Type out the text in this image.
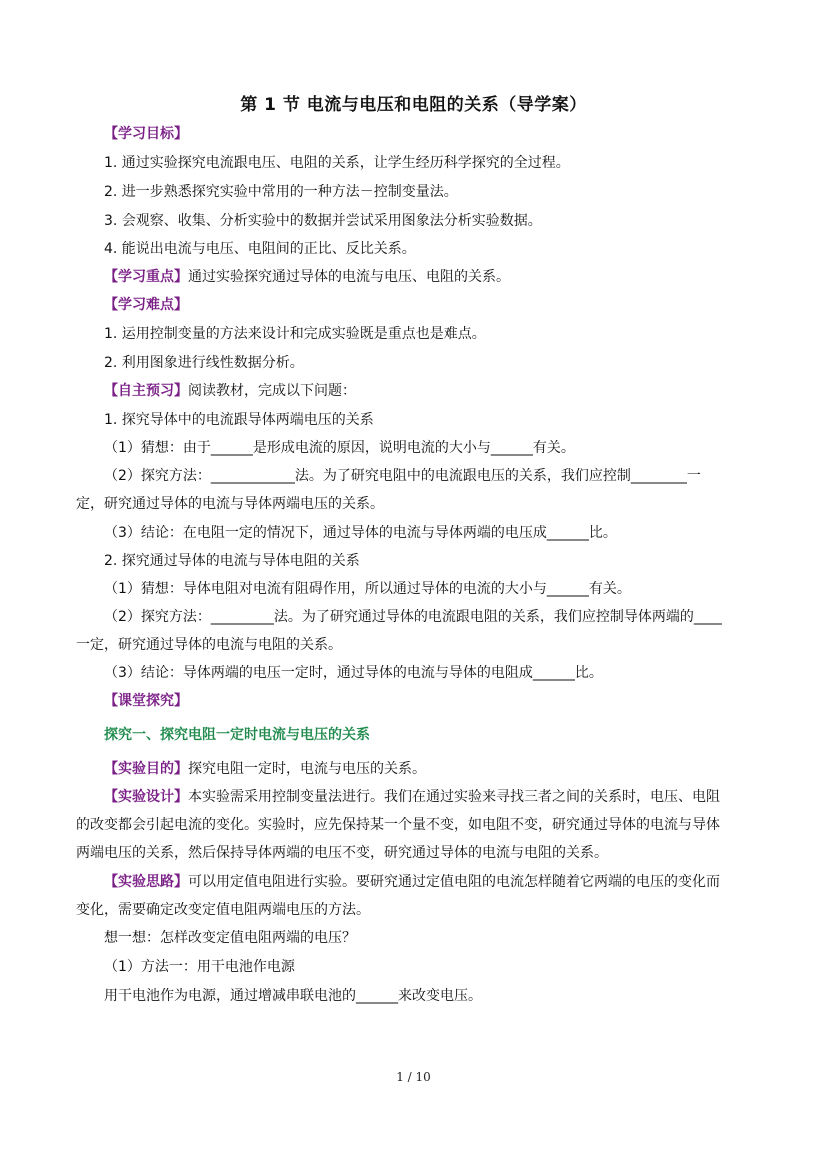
第 1 节 电流与电压和电阻的关系（导学案）
【学习目标】
1. 通过实验探究电流跟电压、电阻的关系，让学生经历科学探究的全过程。
2. 进一步熟悉探究实验中常用的一种方法－控制变量法。
3. 会观察、收集、分析实验中的数据并尝试采用图象法分析实验数据。
4. 能说出电流与电压、电阻间的正比、反比关系。
【学习重点】通过实验探究通过导体的电流与电压、电阻的关系。
【学习难点】
1. 运用控制变量的方法来设计和完成实验既是重点也是难点。
2. 利用图象进行线性数据分析。
【自主预习】阅读教材，完成以下问题：
1. 探究导体中的电流跟导体两端电压的关系
（1）猜想：由于______是形成电流的原因，说明电流的大小与______有关。
（2）探究方法：____________法。为了研究电阻中的电流跟电压的关系，我们应控制________一
定，研究通过导体的电流与导体两端电压的关系。
（3）结论：在电阻一定的情况下，通过导体的电流与导体两端的电压成______比。
2. 探究通过导体的电流与导体电阻的关系
（1）猜想：导体电阻对电流有阻碍作用，所以通过导体的电流的大小与______有关。
（2）探究方法：_________法。为了研究通过导体的电流跟电阻的关系，我们应控制导体两端的____
一定，研究通过导体的电流与电阻的关系。
（3）结论：导体两端的电压一定时，通过导体的电流与导体的电阻成______比。
【课堂探究】
探究一、探究电阻一定时电流与电压的关系
【实验目的】探究电阻一定时，电流与电压的关系。
【实验设计】本实验需采用控制变量法进行。我们在通过实验来寻找三者之间的关系时，电压、电阻
的改变都会引起电流的变化。实验时，应先保持某一个量不变，如电阻不变，研究通过导体的电流与导体
两端电压的关系，然后保持导体两端的电压不变，研究通过导体的电流与电阻的关系。
【实验思路】可以用定值电阻进行实验。要研究通过定值电阻的电流怎样随着它两端的电压的变化而
变化，需要确定改变定值电阻两端电压的方法。
想一想：怎样改变定值电阻两端的电压？
（1）方法一：用干电池作电源
用干电池作为电源，通过增减串联电池的______来改变电压。
1 / 10
